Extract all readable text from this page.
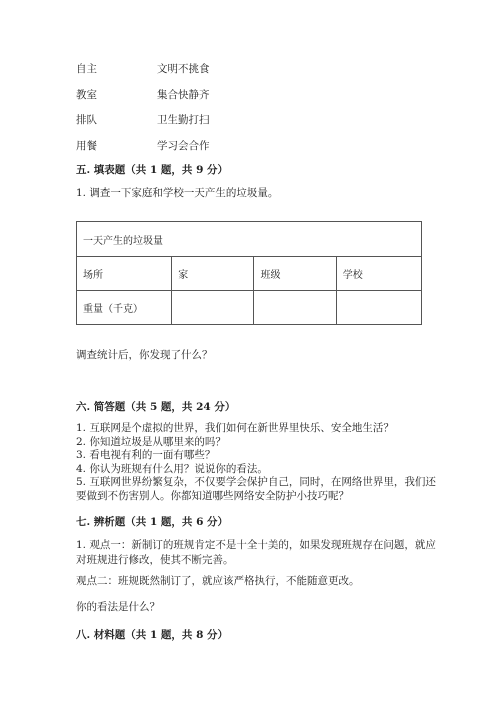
自主	文明不挑食
教室	集合快静齐
排队	卫生勤打扫
用餐	学习会合作
五. 填表题（共 1 题，共 9 分）
1. 调查一下家庭和学校一天产生的垃圾量。
一天产生的垃圾量			
场所	家	班级	学校
重量（千克）			
调查统计后，你发现了什么？
六. 简答题（共 5 题，共 24 分）
1. 互联网是个虚拟的世界，我们如何在新世界里快乐、安全地生活？
2. 你知道垃圾是从哪里来的吗？
3. 看电视有利的一面有哪些？
4. 你认为班规有什么用？说说你的看法。
5. 互联网世界纷繁复杂，不仅要学会保护自己，同时，在网络世界里，我们还
要做到不伤害别人。你都知道哪些网络安全防护小技巧呢？
七. 辨析题（共 1 题，共 6 分）
1. 观点一：新制订的班规肯定不是十全十美的，如果发现班规存在问题，就应
对班规进行修改，使其不断完善。
观点二：班规既然制订了，就应该严格执行，不能随意更改。
你的看法是什么？
八. 材料题（共 1 题，共 8 分）
